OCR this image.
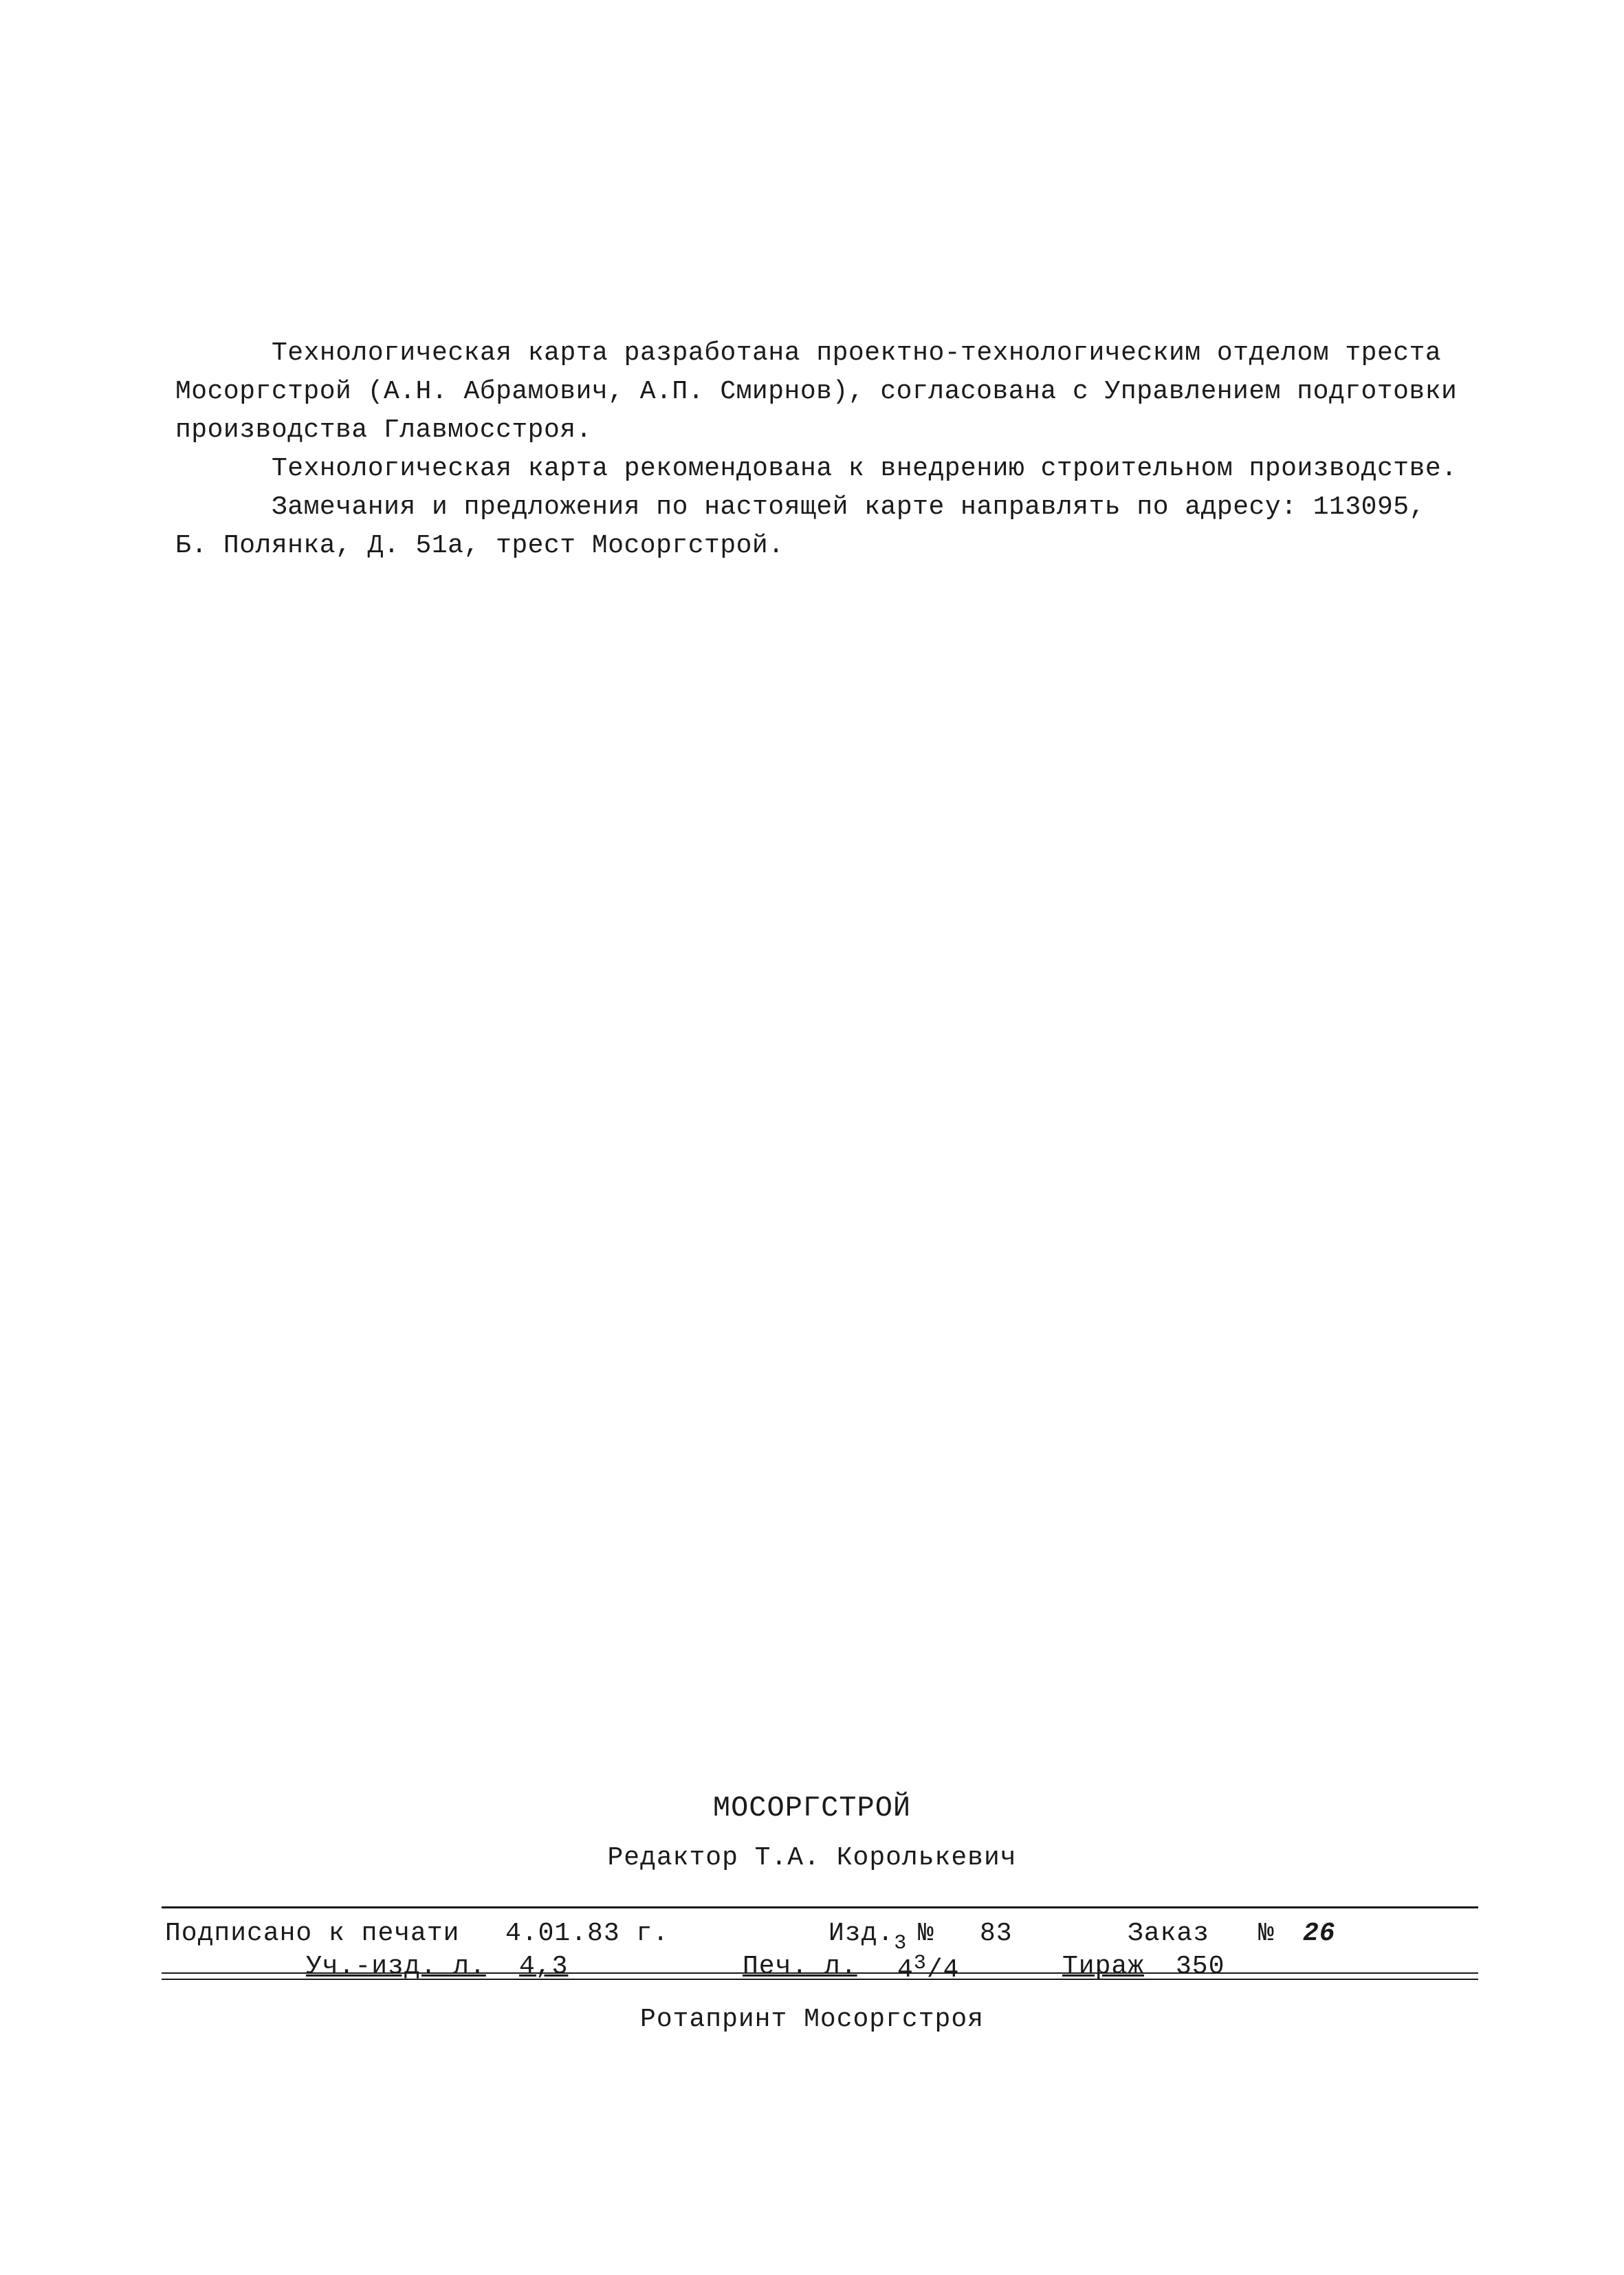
Технологическая карта разработана проектно-технологическим отделом треста
Мосоргстрой (А.Н. Абрамович, А.П. Смирнов), согласована с Управлением подготовки
производства Главмосстроя.
Технологическая карта рекомендована к внедрению строительном производстве.
Замечания и предложения по настоящей карте направлять по адресу: 113095,
Б. Полянка, Д. 51а, трест Мосоргстрой.
МОСОРГСТРОЙ
Редактор Т.А. Королькевич
Подписано к печати 4.01.83 г.	$Изд._3$ № 83	Заказ № 26
Уч.-изд. л. 4,3	Печ. л. $4^3/4$	Тираж 350
Ротапринт Мосоргстроя
